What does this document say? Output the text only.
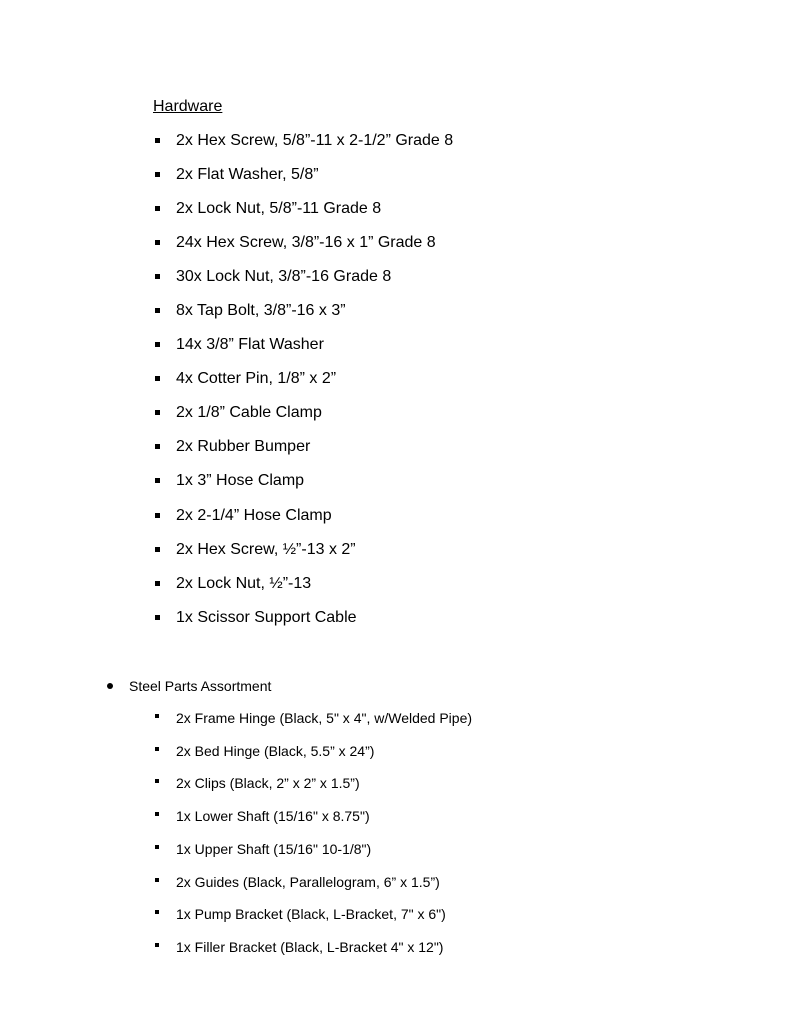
Hardware
2x Hex Screw, 5/8”-11 x 2-1/2” Grade 8
2x Flat Washer, 5/8”
2x Lock Nut, 5/8”-11 Grade 8
24x Hex Screw, 3/8”-16 x 1” Grade 8
30x Lock Nut, 3/8”-16 Grade 8
8x Tap Bolt, 3/8”-16 x 3”
14x 3/8” Flat Washer
4x Cotter Pin, 1/8” x 2”
2x 1/8” Cable Clamp
2x Rubber Bumper
1x 3” Hose Clamp
2x 2-1/4” Hose Clamp
2x Hex Screw, ½”-13 x 2”
2x Lock Nut, ½”-13
1x Scissor Support Cable
Steel Parts Assortment
2x Frame Hinge (Black, 5" x 4", w/Welded Pipe)
2x Bed Hinge (Black, 5.5” x 24”)
2x Clips (Black, 2” x 2” x 1.5”)
1x Lower Shaft (15/16" x 8.75")
1x Upper Shaft (15/16" 10-1/8")
2x Guides (Black, Parallelogram, 6” x 1.5”)
1x Pump Bracket (Black, L-Bracket, 7" x 6")
1x Filler Bracket (Black, L-Bracket 4" x 12")
